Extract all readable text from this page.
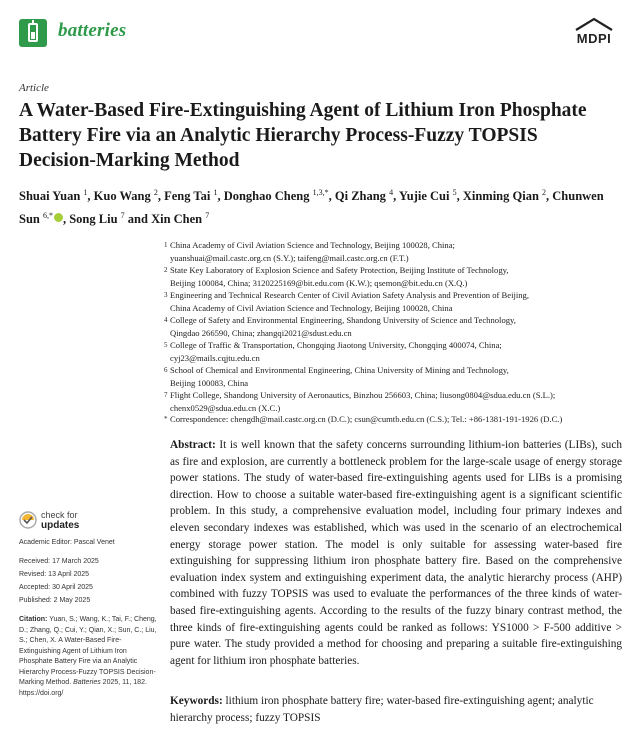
batteries	MDPI
Article
A Water-Based Fire-Extinguishing Agent of Lithium Iron Phosphate Battery Fire via an Analytic Hierarchy Process-Fuzzy TOPSIS Decision-Marking Method
Shuai Yuan $^1$, Kuo Wang $^2$, Feng Tai $^1$, Donghao Cheng $^{1,3,*}$, Qi Zhang $^4$, Yujie Cui $^5$, Xinming Qian $^2$, Chunwen Sun $^{6,*}$ , Song Liu $^7$ and Xin Chen $^7$
1 China Academy of Civil Aviation Science and Technology, Beijing 100028, China;
yuanshuai@mail.castc.org.cn (S.Y.); taifeng@mail.castc.org.cn (F.T.)
2 State Key Laboratory of Explosion Science and Safety Protection, Beijing Institute of Technology,
Beijing 100084, China; 3120225169@bit.edu.com (K.W.); qsemon@bit.edu.cn (X.Q.)
3 Engineering and Technical Research Center of Civil Aviation Safety Analysis and Prevention of Beijing,
China Academy of Civil Aviation Science and Technology, Beijing 100028, China
4 College of Safety and Environmental Engineering, Shandong University of Science and Technology,
Qingdao 266590, China; zhangqi2021@sdust.edu.cn
5 College of Traffic & Transportation, Chongqing Jiaotong University, Chongqing 400074, China;
cyj23@mails.cqjtu.edu.cn
6 School of Chemical and Environmental Engineering, China University of Mining and Technology,
Beijing 100083, China
7 Flight College, Shandong University of Aeronautics, Binzhou 256603, China; liusong0804@sdua.edu.cn (S.L.);
chenx0529@sdua.edu.cn (X.C.)
* Correspondence: chengdh@mail.castc.org.cn (D.C.); csun@cumtb.edu.cn (C.S.); Tel.: +86-1381-191-1926 (D.C.)
check for
updates
Academic Editor: Pascal Venet
Received: 17 March 2025
Revised: 13 April 2025
Accepted: 30 April 2025
Published: 2 May 2025
Citation: Yuan, S.; Wang, K.; Tai, F.; Cheng, D.; Zhang, Q.; Cui, Y.; Qian, X.; Sun, C.; Liu, S.; Chen, X. A Water-Based Fire-Extinguishing Agent of Lithium Iron Phosphate Battery Fire via an Analytic Hierarchy Process-Fuzzy TOPSIS Decision-Marking Method. Batteries 2025, 11, 182. https://doi.org/
Abstract: It is well known that the safety concerns surrounding lithium-ion batteries (LIBs), such as fire and explosion, are currently a bottleneck problem for the large-scale usage of energy storage power stations. The study of water-based fire-extinguishing agents used for LIBs is a promising direction. How to choose a suitable water-based fire-extinguishing agent is a significant scientific problem. In this study, a comprehensive evaluation model, including four primary indexes and eleven secondary indexes was established, which was used in the scenario of an electrochemical energy storage power station. The model is only suitable for assessing water-based fire extinguishing for suppressing lithium iron phosphate battery fire. Based on the comprehensive evaluation index system and extinguishing experiment data, the analytic hierarchy process (AHP) combined with fuzzy TOPSIS was used to evaluate the performances of the three kinds of water-based fire-extinguishing agents. According to the results of the fuzzy binary contrast method, the three kinds of fire-extinguishing agents could be ranked as follows: YS1000 > F-500 additive > pure water. The study provided a method for choosing and preparing a suitable fire-extinguishing agent for lithium iron phosphate batteries.
Keywords: lithium iron phosphate battery fire; water-based fire-extinguishing agent; analytic hierarchy process; fuzzy TOPSIS
